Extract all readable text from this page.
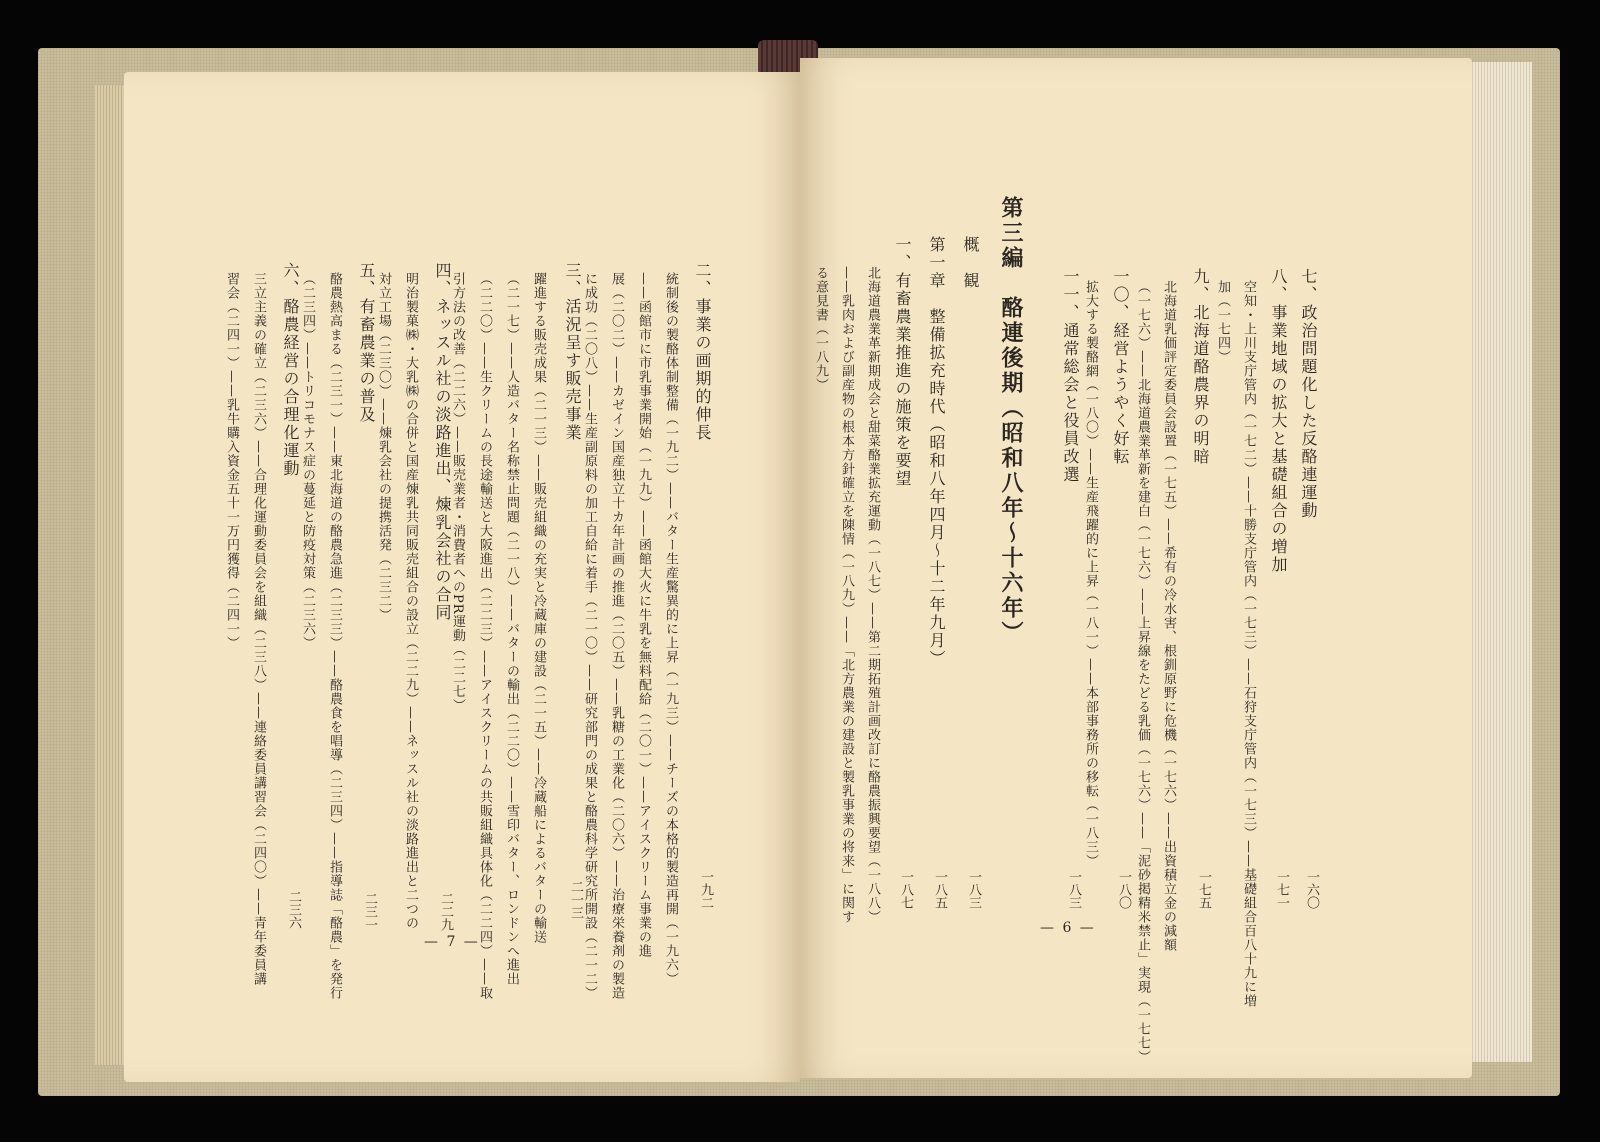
二、事業の画期的伸長
一九二
統制後の製酪体制整備（一九二）——バター生産驚異的に上昇（一九三）——チーズの本格的製造再開（一九六）
——函館市に市乳事業開始（一九九）——函館大火に牛乳を無料配給（二〇一）——アイスクリーム事業の進
展（二〇二）——カゼイン国産独立十カ年計画の推進（二〇五）——乳糖の工業化（二〇六）——治療栄養剤の製造
に成功（二〇八）——生産副原料の加工自給に着手（二一〇）——研究部門の成果と酪農科学研究所開設（二一二）
三、活況呈す販売事業
二一三
躍進する販売成果（二一三）——販売組織の充実と冷蔵庫の建設（二一五）——冷蔵船によるバターの輸送
（二一七）——人造バター名称禁止問題（二一八）——バターの輸出（二二〇）——雪印バター、ロンドンへ進出
（二二〇）——生クリームの長途輸送と大阪進出（二二三）——アイスクリームの共販組織具体化（二二四）——取
引方法の改善（二二六）——販売業者・消費者へのPR運動（二二七）
四、ネッスル社の淡路進出、煉乳会社の合同
二二九
明治製菓㈱・大乳㈱の合併と国産煉乳共同販売組合の設立（二二九）——ネッスル社の淡路進出と二つの
対立工場（二三〇）——煉乳会社の提携活発（二三二）
五、有畜農業の普及
二三一
酪農熱高まる（二三一）——東北海道の酪農急進（二三三）——酪農食を唱導（二三四）——指導誌「酪農」を発行
（二三四）——トリコモナス症の蔓延と防疫対策（二三六）
六、酪農経営の合理化運動
二三六
三立主義の確立（二三六）——合理化運動委員会を組織（二三八）——連絡委員講習会（二四〇）——青年委員講
習会（二四一）——乳牛購入資金五十一万円獲得（二四一）
— 7 —
七、政治問題化した反酪連運動
一六〇
八、事業地域の拡大と基礎組合の増加
一七一
空知・上川支庁管内（一七二）——十勝支庁管内（一七三）——石狩支庁管内（一七三）——基礎組合百八十九に増
加（一七四）
九、北海道酪農界の明暗
一七五
北海道乳価評定委員会設置（一七五）——希有の冷水害、根釧原野に危機（一七六）——出資積立金の減額
（一七六）——北海道農業革新を建白（一七六）——上昇線をたどる乳価（一七六）——「泥砂掲精米禁止」実現（一七七）
一〇、経営ようやく好転
一八〇
拡大する製酪網（一八〇）——生産飛躍的に上昇（一八一）——本部事務所の移転（一八三）
一一、通常総会と役員改選
一八三
第三編　酪連後期（昭和八年～十六年）
概　観
一八三
第一章　整備拡充時代（昭和八年四月～十二年九月）
一八五
一、有畜農業推進の施策を要望
一八七
北海道農業革新期成会と甜菜酪業拡充運動（一八七）——第二期拓殖計画改訂に酪農振興要望（一八八）
——乳肉および副産物の根本方針確立を陳情（一八九）——「北方農業の建設と製乳事業の将来」に関す
る意見書（一八九）
— 6 —
